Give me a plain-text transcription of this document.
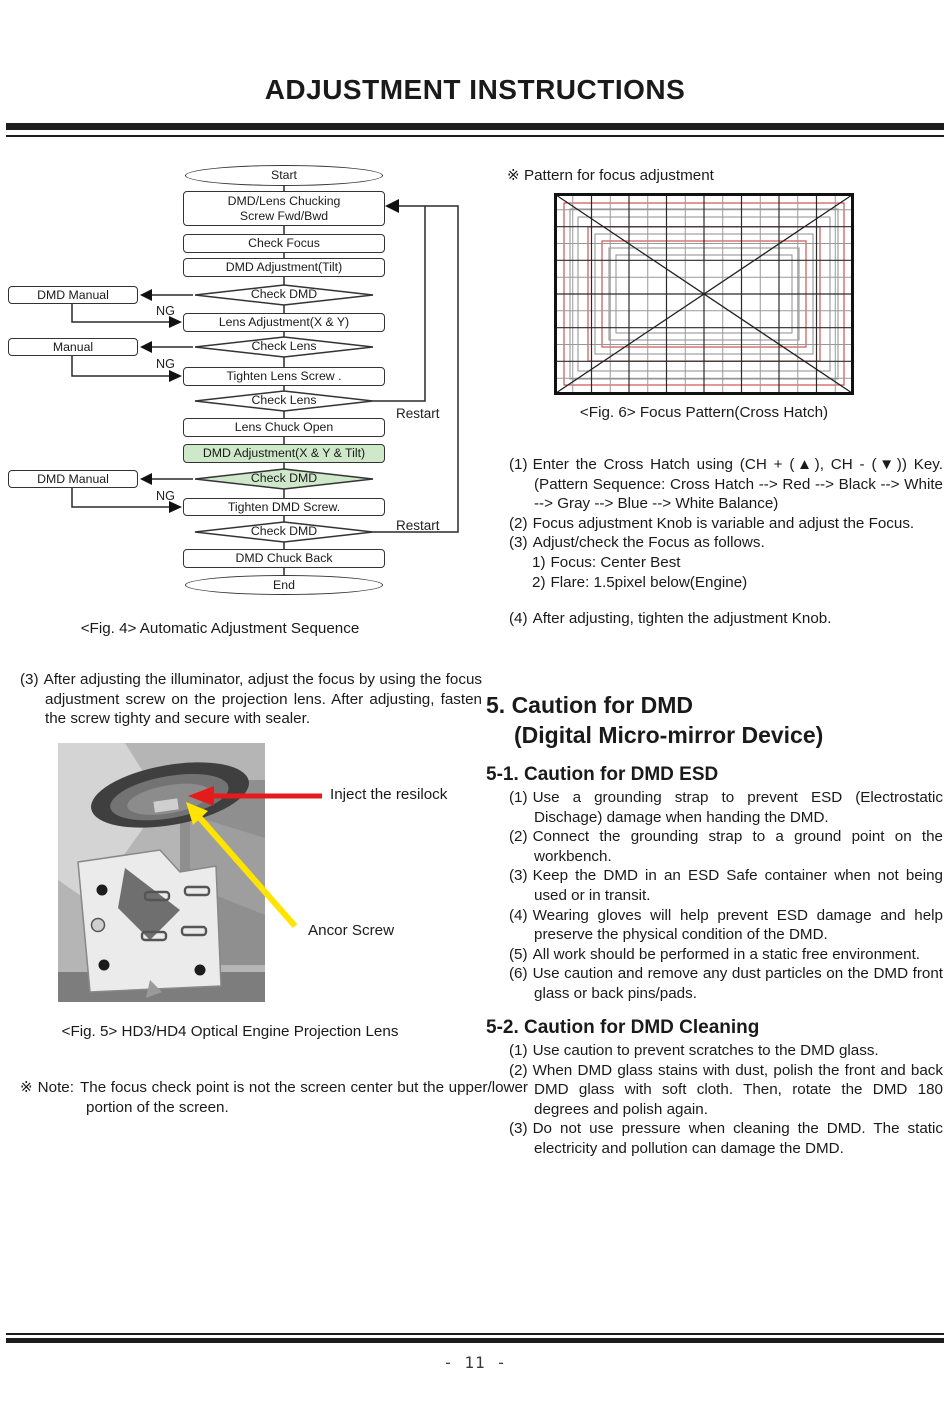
ADJUSTMENT INSTRUCTIONS
Start
DMD/Lens Chucking Screw Fwd/Bwd
Check Focus
DMD Adjustment(Tilt)
Check DMD
Lens Adjustment(X & Y)
Check Lens
Tighten Lens Screw .
Check Lens
Lens Chuck Open
DMD Adjustment(X & Y & Tilt)
Check DMD
Tighten DMD Screw.
Check DMD
DMD Chuck Back
End
DMD Manual
Manual
DMD Manual
NG
NG
NG
Restart
Restart
<Fig. 4> Automatic Adjustment Sequence
※ Pattern for focus adjustment
<Fig. 6> Focus Pattern(Cross Hatch)
(1) Enter the Cross Hatch using (CH + (▲), CH - (▼)) Key. (Pattern Sequence: Cross Hatch --> Red --> Black --> White --> Gray --> Blue --> White Balance)
(2) Focus adjustment Knob is variable and adjust the Focus.
(3) Adjust/check the Focus as follows.
1) Focus: Center Best
2) Flare: 1.5pixel below(Engine)
(4) After adjusting, tighten the adjustment Knob.
(3) After adjusting the illuminator, adjust the focus by using the focus adjustment screw on the projection lens. After adjusting, fasten the screw tighty and secure with sealer.
Inject the resilock
Ancor Screw
<Fig. 5> HD3/HD4 Optical Engine Projection Lens
※ Note: The focus check point is not the screen center but the upper/lower portion of the screen.
5. Caution for DMD
(Digital Micro-mirror Device)
5-1. Caution for DMD ESD
(1) Use a grounding strap to prevent ESD (Electrostatic Dischage) damage when handing the DMD.
(2) Connect the grounding strap to a ground point on the workbench.
(3) Keep the DMD in an ESD Safe container when not being used or in transit.
(4) Wearing gloves will help prevent ESD damage and help preserve the physical condition of the DMD.
(5) All work should be performed in a static free environment.
(6) Use caution and remove any dust particles on the DMD front glass or back pins/pads.
5-2. Caution for DMD Cleaning
(1) Use caution to prevent scratches to the DMD glass.
(2) When DMD glass stains with dust, polish the front and back DMD glass with soft cloth. Then, rotate the DMD 180 degrees and polish again.
(3) Do not use pressure when cleaning the DMD. The static electricity and pollution can damage the DMD.
- 11 -
